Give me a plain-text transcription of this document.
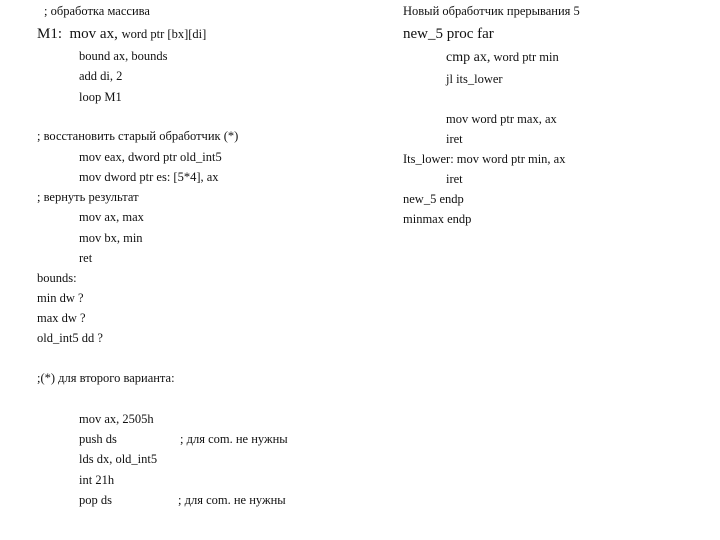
; обработка массива
M1: mov ax, word ptr [bx][di]
bound ax, bounds
add di, 2
loop M1
; восстановить старый обработчик (*)
mov eax, dword ptr old_int5
mov dword ptr es: [5*4], ax
; вернуть результат
mov ax, max
mov bx, min
ret
bounds:
min dw ?
max dw ?
old_int5 dd ?
;(*) для второго варианта:
mov ax, 2505h
push ds	; для com. не нужны
lds dx, old_int5
int 21h
pop ds	; для com. не нужны
Новый обработчик прерывания 5
new_5 proc far
cmp ax, word ptr min
jl its_lower
mov word ptr max, ax
iret
Its_lower: mov word ptr min, ax
iret
new_5 endp
minmax endp
